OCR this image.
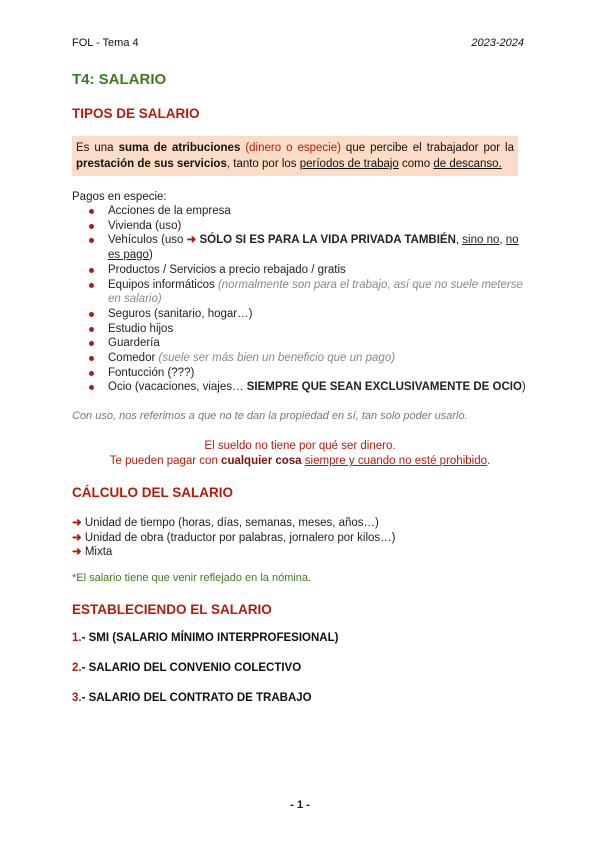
FOL - Tema 4	2023-2024
T4: SALARIO
TIPOS DE SALARIO
Es una suma de atribuciones (dinero o especie) que percibe el trabajador por la prestación de sus servicios, tanto por los períodos de trabajo como de descanso.
Pagos en especie:
Acciones de la empresa
Vivienda (uso)
Vehículos (uso ➜ SÓLO SI ES PARA LA VIDA PRIVADA TAMBIÉN, sino no, no es pago)
Productos / Servicios a precio rebajado / gratis
Equipos informáticos (normalmente son para el trabajo, así que no suele meterse en salario)
Seguros (sanitario, hogar…)
Estudio hijos
Guardería
Comedor (suele ser más bien un beneficio que un pago)
Fontucción (???)
Ocio (vacaciones, viajes… SIEMPRE QUE SEAN EXCLUSIVAMENTE DE OCIO)
Con uso, nos referimos a que no te dan la propiedad en sí, tan solo poder usarlo.
El sueldo no tiene por qué ser dinero.
Te pueden pagar con cualquier cosa siempre y cuando no esté prohibido.
CÁLCULO DEL SALARIO
➜ Unidad de tiempo (horas, días, semanas, meses, años…)
➜ Unidad de obra (traductor por palabras, jornalero por kilos…)
➜ Mixta
*El salario tiene que venir reflejado en la nómina.
ESTABLECIENDO EL SALARIO
1.- SMI (SALARIO MÍNIMO INTERPROFESIONAL)
2.- SALARIO DEL CONVENIO COLECTIVO
3.- SALARIO DEL CONTRATO DE TRABAJO
- 1 -
